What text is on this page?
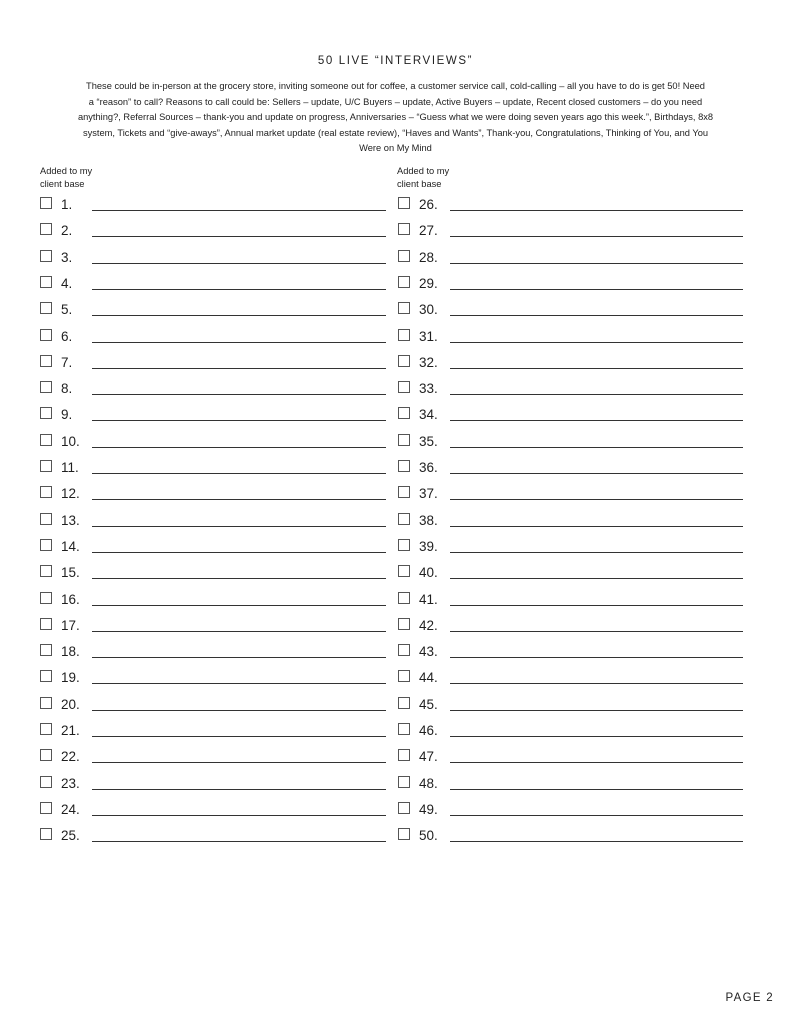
50 LIVE “INTERVIEWS”
These could be in-person at the grocery store, inviting someone out for coffee, a customer service call, cold-calling – all you have to do is get 50! Need
a “reason” to call? Reasons to call could be: Sellers – update, U/C Buyers – update, Active Buyers – update, Recent closed customers – do you need
anything?, Referral Sources – thank-you and update on progress, Anniversaries – “Guess what we were doing seven years ago this week.”, Birthdays, 8x8
system, Tickets and “give-aways”, Annual market update (real estate review), “Haves and Wants”, Thank-you, Congratulations, Thinking of You, and You
Were on My Mind
Added to my
client base
Added to my
client base
1.
2.
3.
4.
5.
6.
7.
8.
9.
10.
11.
12.
13.
14.
15.
16.
17.
18.
19.
20.
21.
22.
23.
24.
25.
26.
27.
28.
29.
30.
31.
32.
33.
34.
35.
36.
37.
38.
39.
40.
41.
42.
43.
44.
45.
46.
47.
48.
49.
50.
PAGE 2
